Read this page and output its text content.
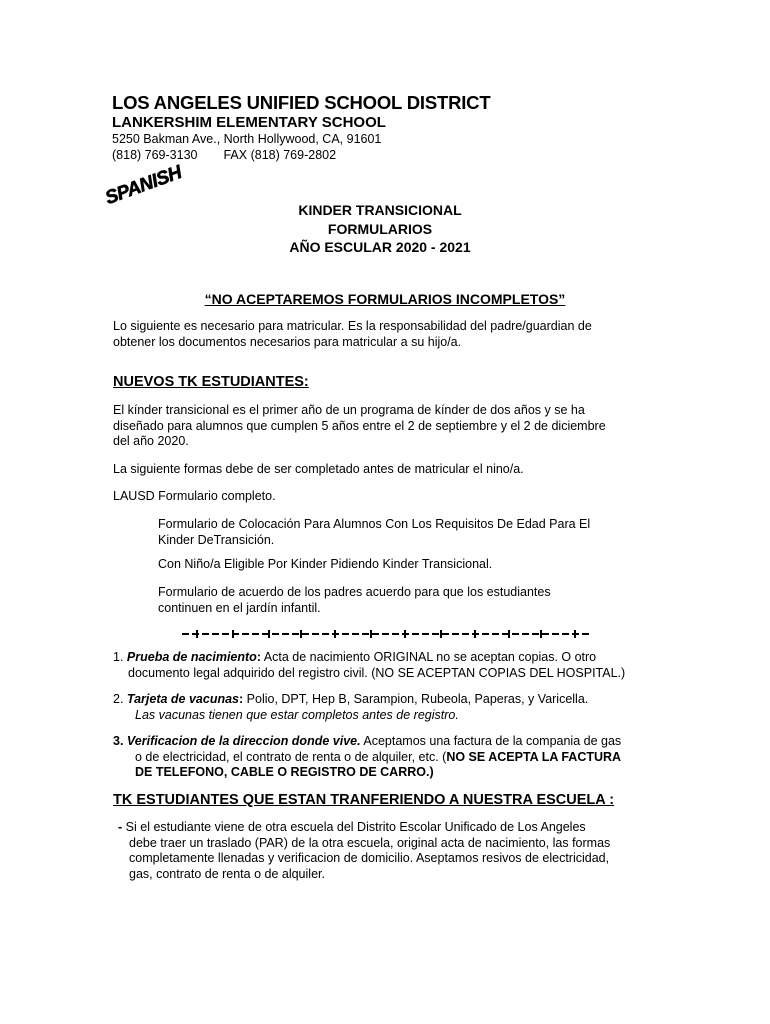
LOS ANGELES UNIFIED SCHOOL DISTRICT
LANKERSHIM ELEMENTARY SCHOOL
5250 Bakman Ave., North Hollywood, CA, 91601
(818) 769-3130 FAX (818) 769-2802
SPANISH
KINDER TRANSICIONAL
FORMULARIOS
AÑO ESCULAR 2020 - 2021
“NO ACEPTAREMOS FORMULARIOS INCOMPLETOS”
Lo siguiente es necesario para matricular. Es la responsabilidad del padre/guardian de
obtener los documentos necesarios para matricular a su hijo/a.
NUEVOS TK ESTUDIANTES:
El kínder transicional es el primer año de un programa de kínder de dos años y se ha
diseñado para alumnos que cumplen 5 años entre el 2 de septiembre y el 2 de diciembre
del año 2020.
La siguiente formas debe de ser completado antes de matricular el nino/a.
LAUSD Formulario completo.
Formulario de Colocación Para Alumnos Con Los Requisitos De Edad Para El
Kinder DeTransición.
Con Niño/a Eligible Por Kinder Pidiendo Kinder Transicional.
Formulario de acuerdo de los padres acuerdo para que los estudiantes
continuen en el jardín infantil.
1. Prueba de nacimiento: Acta de nacimiento ORIGINAL no se aceptan copias. O otro
documento legal adquirido del registro civil. (NO SE ACEPTAN COPIAS DEL HOSPITAL.)
2. Tarjeta de vacunas: Polio, DPT, Hep B, Sarampion, Rubeola, Paperas, y Varicella.
Las vacunas tienen que estar completos antes de registro.
3. Verificacion de la direccion donde vive. Aceptamos una factura de la compania de gas
o de electricidad, el contrato de renta o de alquiler, etc. (NO SE ACEPTA LA FACTURA
DE TELEFONO, CABLE O REGISTRO DE CARRO.)
TK ESTUDIANTES QUE ESTAN TRANFERIENDO A NUESTRA ESCUELA :
- Si el estudiante viene de otra escuela del Distrito Escolar Unificado de Los Angeles
debe traer un traslado (PAR) de la otra escuela, original acta de nacimiento, las formas
completamente llenadas y verificacion de domicilio. Aseptamos resivos de electricidad,
gas, contrato de renta o de alquiler.
